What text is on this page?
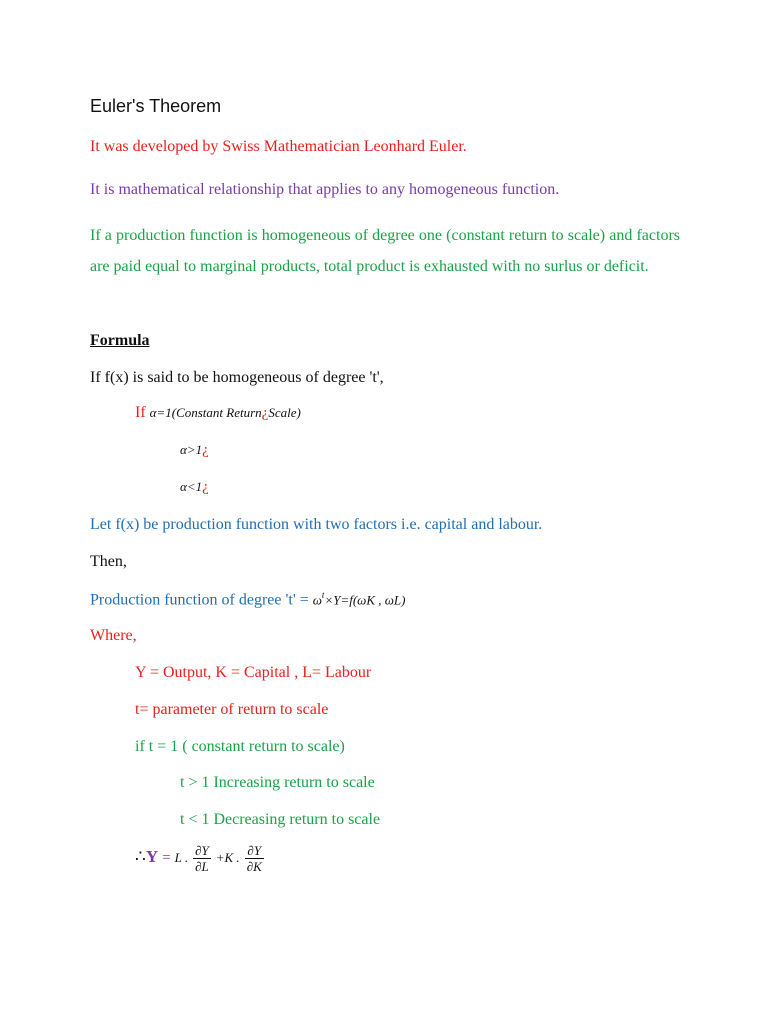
Euler's Theorem
It was developed by Swiss Mathematician Leonhard Euler.
It is mathematical relationship that applies to any homogeneous function.
If a production function is homogeneous of degree one (constant return to scale) and factors are paid equal to marginal products, total product is exhausted with no surlus or deficit.
Formula
If f(x) is said to be homogeneous of degree 't',
If α=1(Constant Return¿Scale)
α>1¿
α<1¿
Let f(x) be production function with two factors i.e. capital and labour.
Then,
Production function of degree '$t' = \omega^t\times Y=f(\omega K$ , ωL)
Where,
Y = Output, K = Capital , L= Labour
t= parameter of return to scale
if t = 1 ( constant return to scale)
t > 1 Increasing return to scale
t < 1 Decreasing return to scale
∴Y = L . $\frac{\partial Y}{\partial L} +K$ . $\frac{\partial Y}{\partial K}$
